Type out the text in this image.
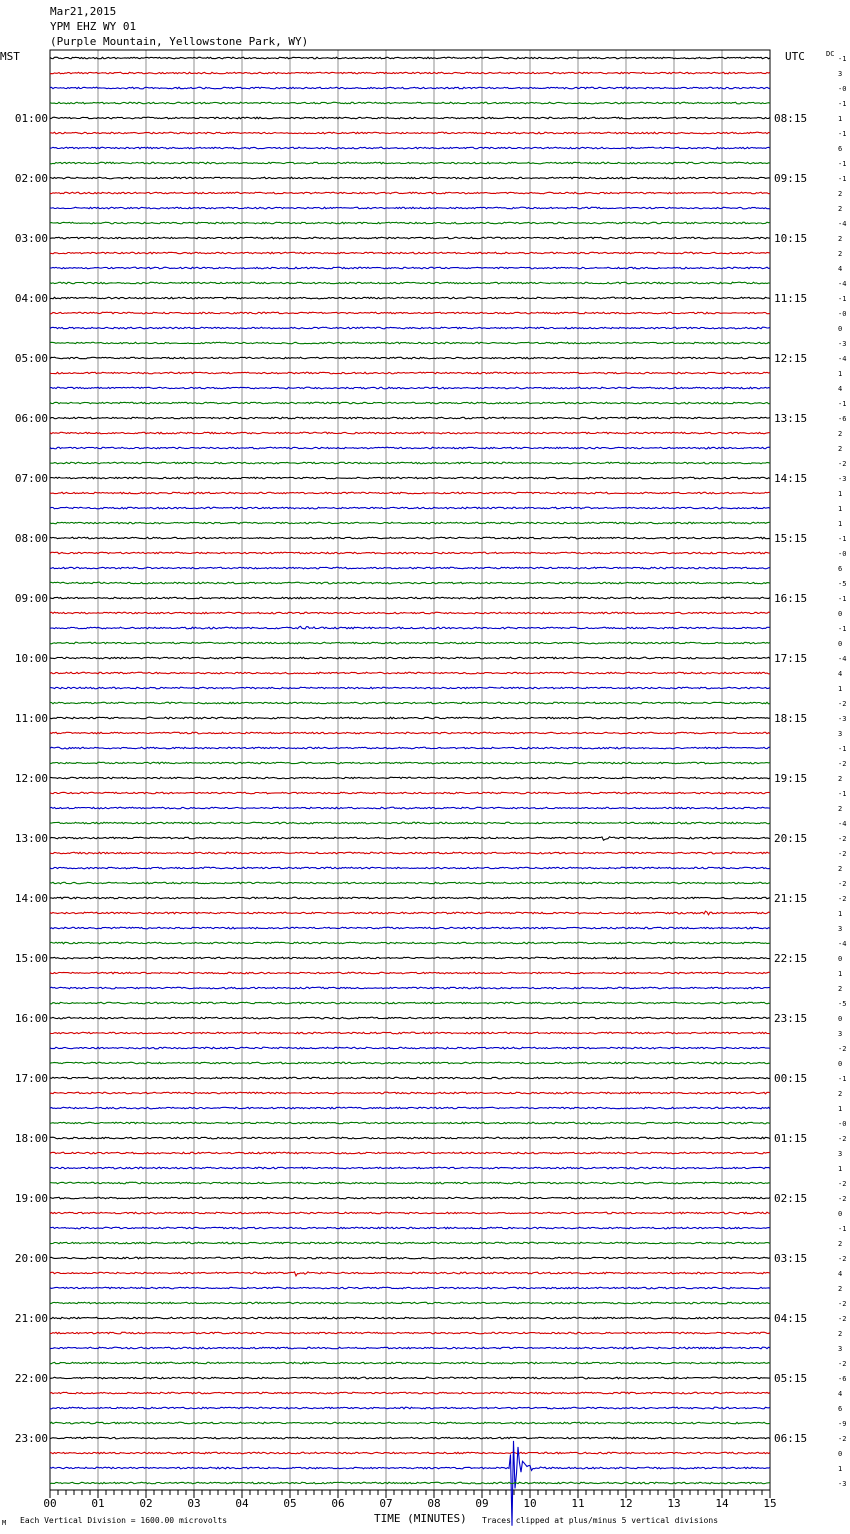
Mar21,2015
YPM EHZ WY 01
(Purple Mountain, Yellowstone Park, WY)
MST	UTC	DC
-1
3
-0
-1
1
-1
6
-1
-1
2
2
-4
2
2
4
-4
-1
-0
0
-3
-4
1
4
-1
-6
2
2
-2
-3
1
1
1
-1
-0
6
-5
-1
0
-1
0
-4
4
1
-2
-3
3
-1
-2
2
-1
2
-4
-2
-2
2
-2
-2
1
3
-4
0
1
2
-5
0
3
-2
0
-1
2
1
-0
-2
3
1
-2
-2
0
-1
2
-2
4
2
-2
-2
2
3
-2
-6
4
6
-9
-2
0
1
-3
01:00
02:00
03:00
04:00
05:00
06:00
07:00
08:00
09:00
10:00
11:00
12:00
13:00
14:00
15:00
16:00
17:00
18:00
19:00
20:00
21:00
22:00
23:00
08:15
09:15
10:15
11:15
12:15
13:15
14:15
15:15
16:15
17:15
18:15
19:15
20:15
21:15
22:15
23:15
00:15
01:15
02:15
03:15
04:15
05:15
06:15
00	01	02	03	04	05	06	07	08	09	10	11	12	13	14	15
TIME (MINUTES)
Each Vertical Division = 1600.00 microvolts	Traces clipped at plus/minus 5 vertical divisions
M
